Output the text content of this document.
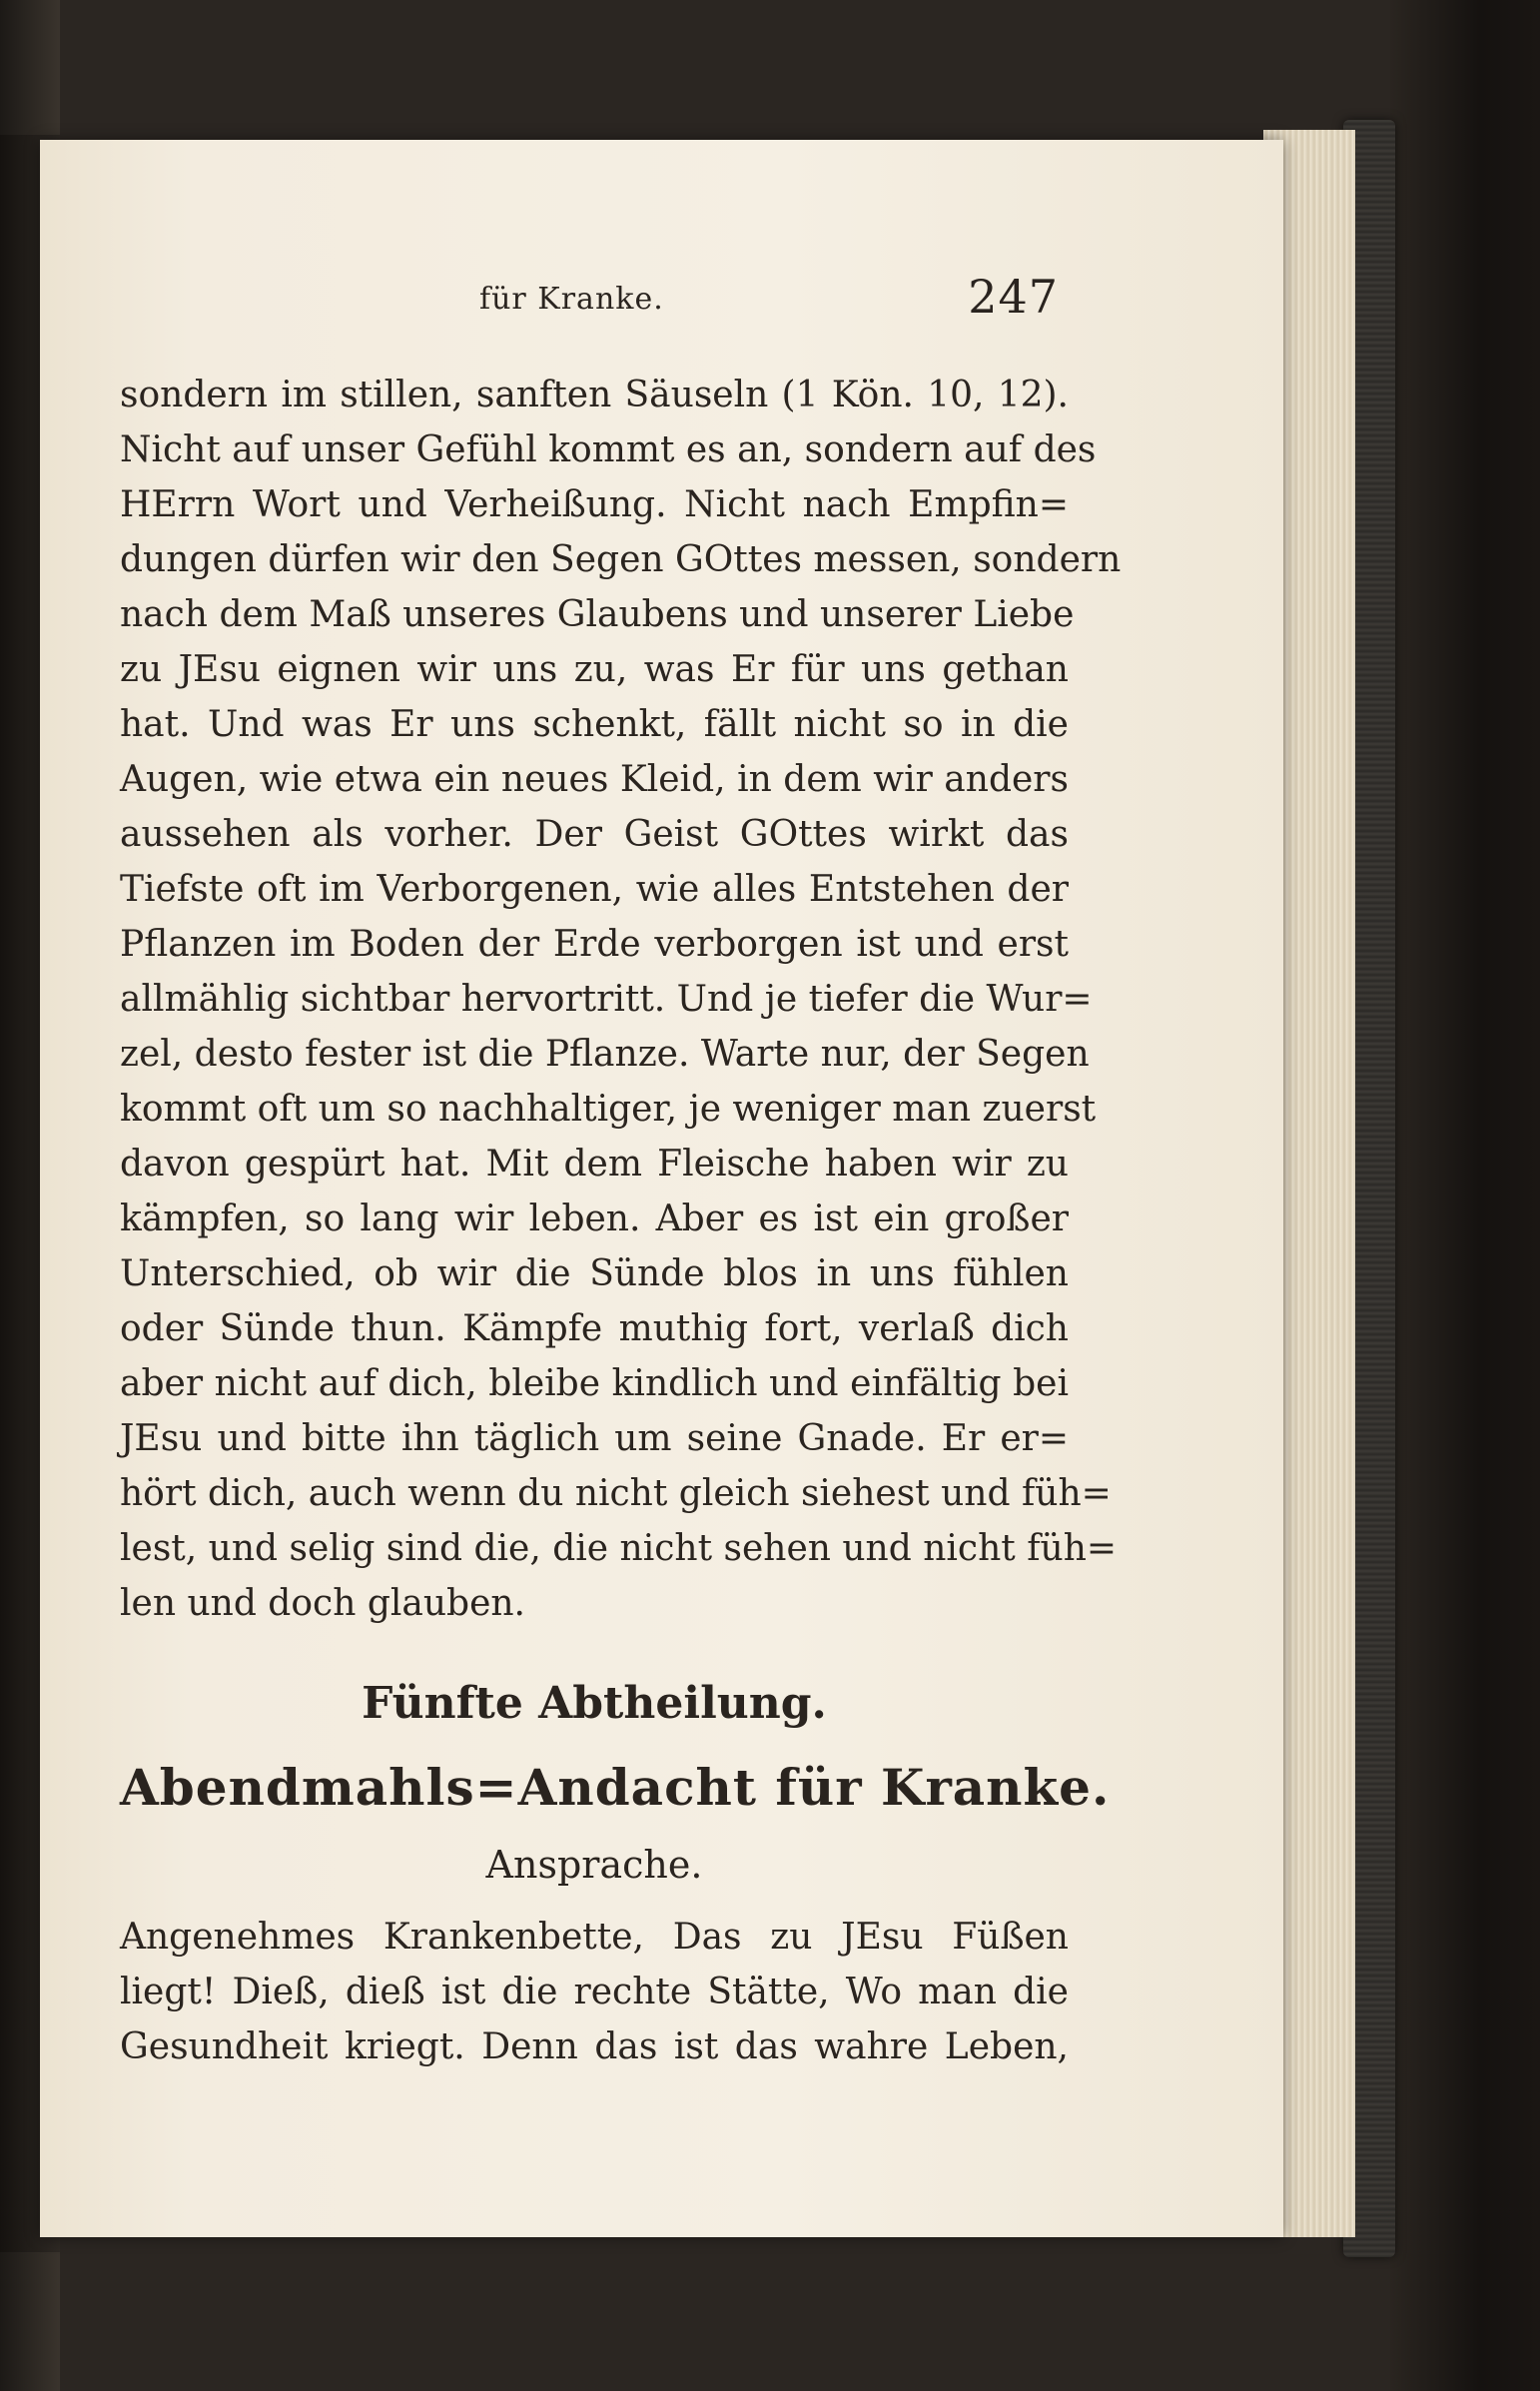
für Kranke.	247
sondern im stillen, sanften Säuseln (1 Kön. 10, 12).
Nicht auf unser Gefühl kommt es an, sondern auf des
HErrn Wort und Verheißung. Nicht nach Empfin=
dungen dürfen wir den Segen GOttes messen, sondern
nach dem Maß unseres Glaubens und unserer Liebe
zu JEsu eignen wir uns zu, was Er für uns gethan
hat. Und was Er uns schenkt, fällt nicht so in die
Augen, wie etwa ein neues Kleid, in dem wir anders
aussehen als vorher. Der Geist GOttes wirkt das
Tiefste oft im Verborgenen, wie alles Entstehen der
Pflanzen im Boden der Erde verborgen ist und erst
allmählig sichtbar hervortritt. Und je tiefer die Wur=
zel, desto fester ist die Pflanze. Warte nur, der Segen
kommt oft um so nachhaltiger, je weniger man zuerst
davon gespürt hat. Mit dem Fleische haben wir zu
kämpfen, so lang wir leben. Aber es ist ein großer
Unterschied, ob wir die Sünde blos in uns fühlen
oder Sünde thun. Kämpfe muthig fort, verlaß dich
aber nicht auf dich, bleibe kindlich und einfältig bei
JEsu und bitte ihn täglich um seine Gnade. Er er=
hört dich, auch wenn du nicht gleich siehest und füh=
lest, und selig sind die, die nicht sehen und nicht füh=
len und doch glauben.
Fünfte Abtheilung.
Abendmahls=Andacht für Kranke.
Ansprache.
Angenehmes Krankenbette, Das zu JEsu Füßen
liegt! Dieß, dieß ist die rechte Stätte, Wo man die
Gesundheit kriegt. Denn das ist das wahre Leben,
